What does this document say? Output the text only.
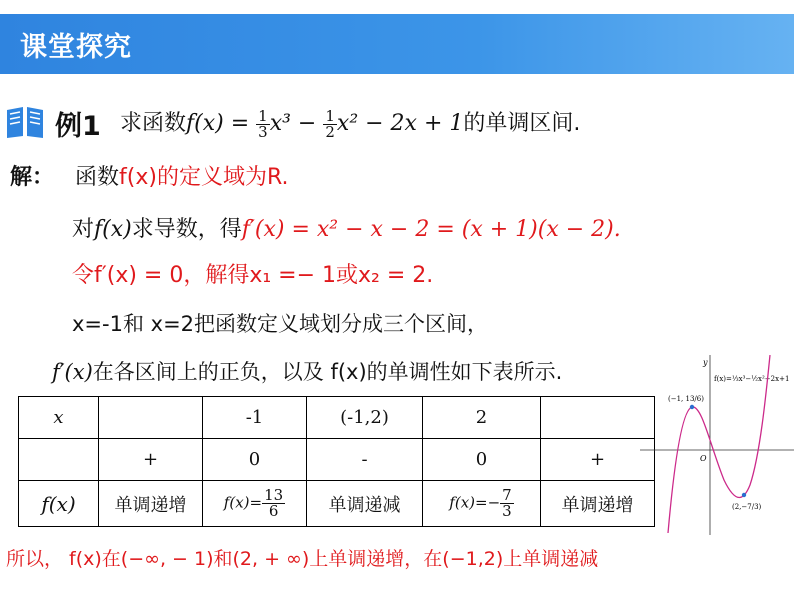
课堂探究
例1 求函数$f(x) = \frac{1}{3} x^3 - \frac{1}{2} x^2 - 2x + 1$的单调区间.
解： 函数f(x)的定义域为R.
对f(x)求导数，得f′(x) = x² − x − 2 = (x + 1)(x − 2).
令f′(x) = 0，解得x₁ =− 1或x₂ = 2.
x=-1和 x=2把函数定义域划分成三个区间，
f′(x)在各区间上的正负，以及 f(x)的单调性如下表所示.
x		-1	(-1,2)	2	
	+	0	-	0	+
f(x)	单调递增	$f(x)= \frac{13}{6}$	单调递减	$f(x)=- \frac{7}{3}$	单调递增
y
O
f(x)=⅓x³−½x²−2x+1
(−1, 13/6)
(2,−7/3)
所以， f(x)在(−∞, − 1)和(2, + ∞)上单调递增，在(−1,2)上单调递减
